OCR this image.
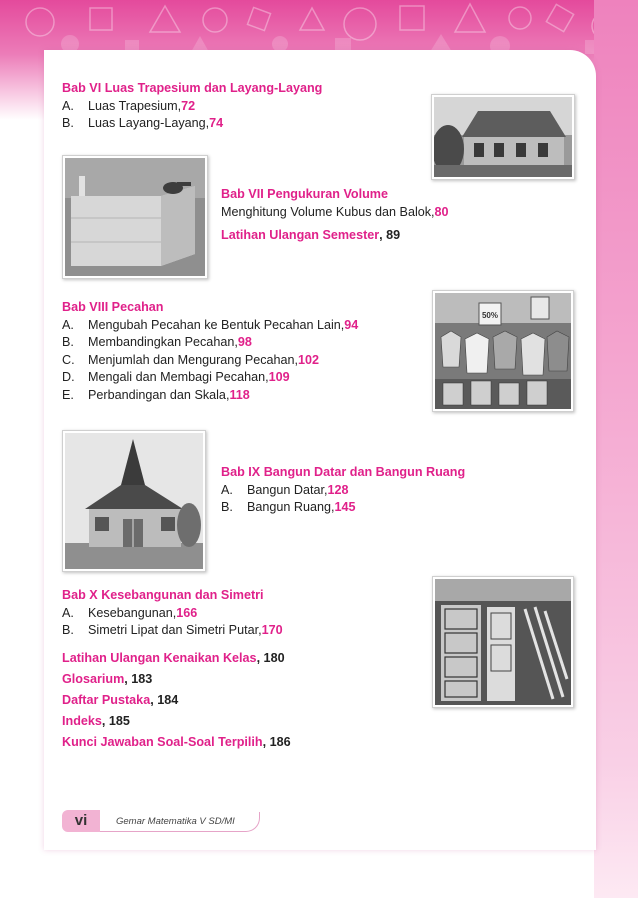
Bab VI Luas Trapesium dan Layang-Layang
A.	Luas Trapesium, 72
B.	Luas Layang-Layang, 74
Bab VII Pengukuran Volume
Menghitung Volume Kubus dan Balok, 80
Latihan Ulangan Semester , 89
Bab VIII Pecahan
A.	Mengubah Pecahan ke Bentuk Pecahan Lain, 94
B.	Membandingkan Pecahan, 98
C.	Menjumlah dan Mengurang Pecahan, 102
D.	Mengali dan Membagi Pecahan, 109
E.	Perbandingan dan Skala, 118
50%
Bab IX Bangun Datar dan Bangun Ruang
A.	Bangun Datar, 128
B.	Bangun Ruang, 145
Bab X Kesebangunan dan Simetri
A.	Kesebangunan, 166
B.	Simetri Lipat dan Simetri Putar, 170
Latihan Ulangan Kenaikan Kelas , 180
Glosarium , 183
Daftar Pustaka , 184
Indeks , 185
Kunci Jawaban Soal-Soal Terpilih , 186
vi	Gemar Matematika V SD/MI
